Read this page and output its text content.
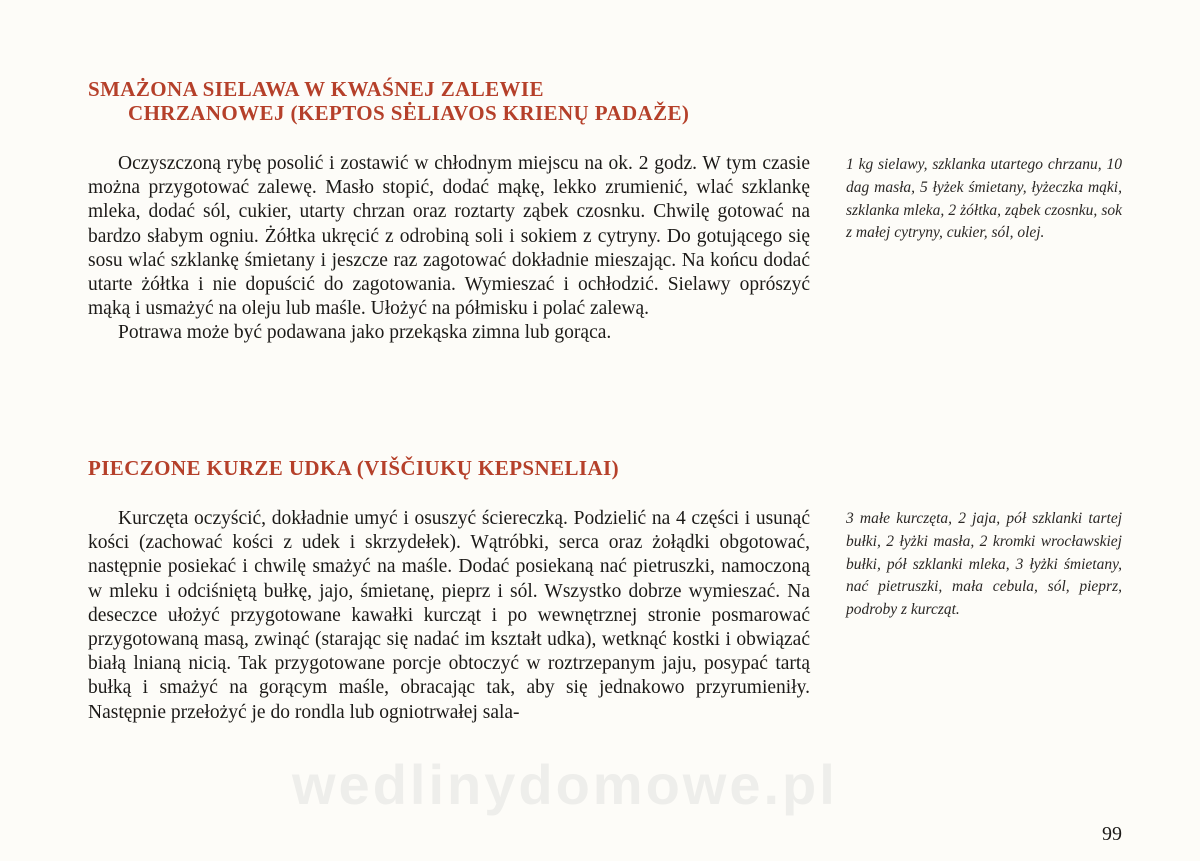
SMAŻONA SIELAWA W KWAŚNEJ ZALEWIE
CHRZANOWEJ (KEPTOS SĖLIAVOS KRIENŲ PADAŽE)

Oczyszczoną rybę posolić i zostawić w chłodnym miejscu na ok. 2 godz. W tym czasie można przygotować zalewę. Masło stopić, dodać mąkę, lekko zrumienić, wlać szklankę mleka, dodać sól, cukier, utarty chrzan oraz roztarty ząbek czosnku. Chwilę gotować na bardzo słabym ogniu. Żółtka ukręcić z odrobiną soli i sokiem z cytryny. Do gotującego się sosu wlać szklankę śmietany i jeszcze raz zagotować dokładnie mieszając. Na końcu dodać utarte żółtka i nie dopuścić do zagotowania. Wymieszać i ochłodzić. Sielawy oprószyć mąką i usmażyć na oleju lub maśle. Ułożyć na półmisku i polać zalewą.

Potrawa może być podawana jako przekąska zimna lub gorąca.

1 kg sielawy, szklanka utartego chrzanu, 10 dag masła, 5 łyżek śmietany, łyżeczka mąki, szklanka mleka, 2 żółtka, ząbek czosnku, sok z małej cytryny, cukier, sól, olej.
PIECZONE KURZE UDKA (VIŠČIUKŲ KEPSNELIAI)

Kurczęta oczyścić, dokładnie umyć i osuszyć ściereczką. Podzielić na 4 części i usunąć kości (zachować kości z udek i skrzydełek). Wątróbki, serca oraz żołądki obgotować, następnie posiekać i chwilę smażyć na maśle. Dodać posiekaną nać pietruszki, namoczoną w mleku i odciśniętą bułkę, jajo, śmietanę, pieprz i sól. Wszystko dobrze wymieszać. Na deseczce ułożyć przygotowane kawałki kurcząt i po wewnętrznej stronie posmarować przygotowaną masą, zwinąć (starając się nadać im kształt udka), wetknąć kostki i obwiązać białą lnianą nicią. Tak przygotowane porcje obtoczyć w roztrzepanym jaju, posypać tartą bułką i smażyć na gorącym maśle, obracając tak, aby się jednakowo przyrumieniły. Następnie przełożyć je do rondla lub ogniotrwałej sala-

3 małe kurczęta, 2 jaja, pół szklanki tartej bułki, 2 łyżki masła, 2 kromki wrocławskiej bułki, pół szklanki mleka, 3 łyżki śmietany, nać pietruszki, mała cebula, sól, pieprz, podroby z kurcząt.
wedlinydomowe.pl
99
